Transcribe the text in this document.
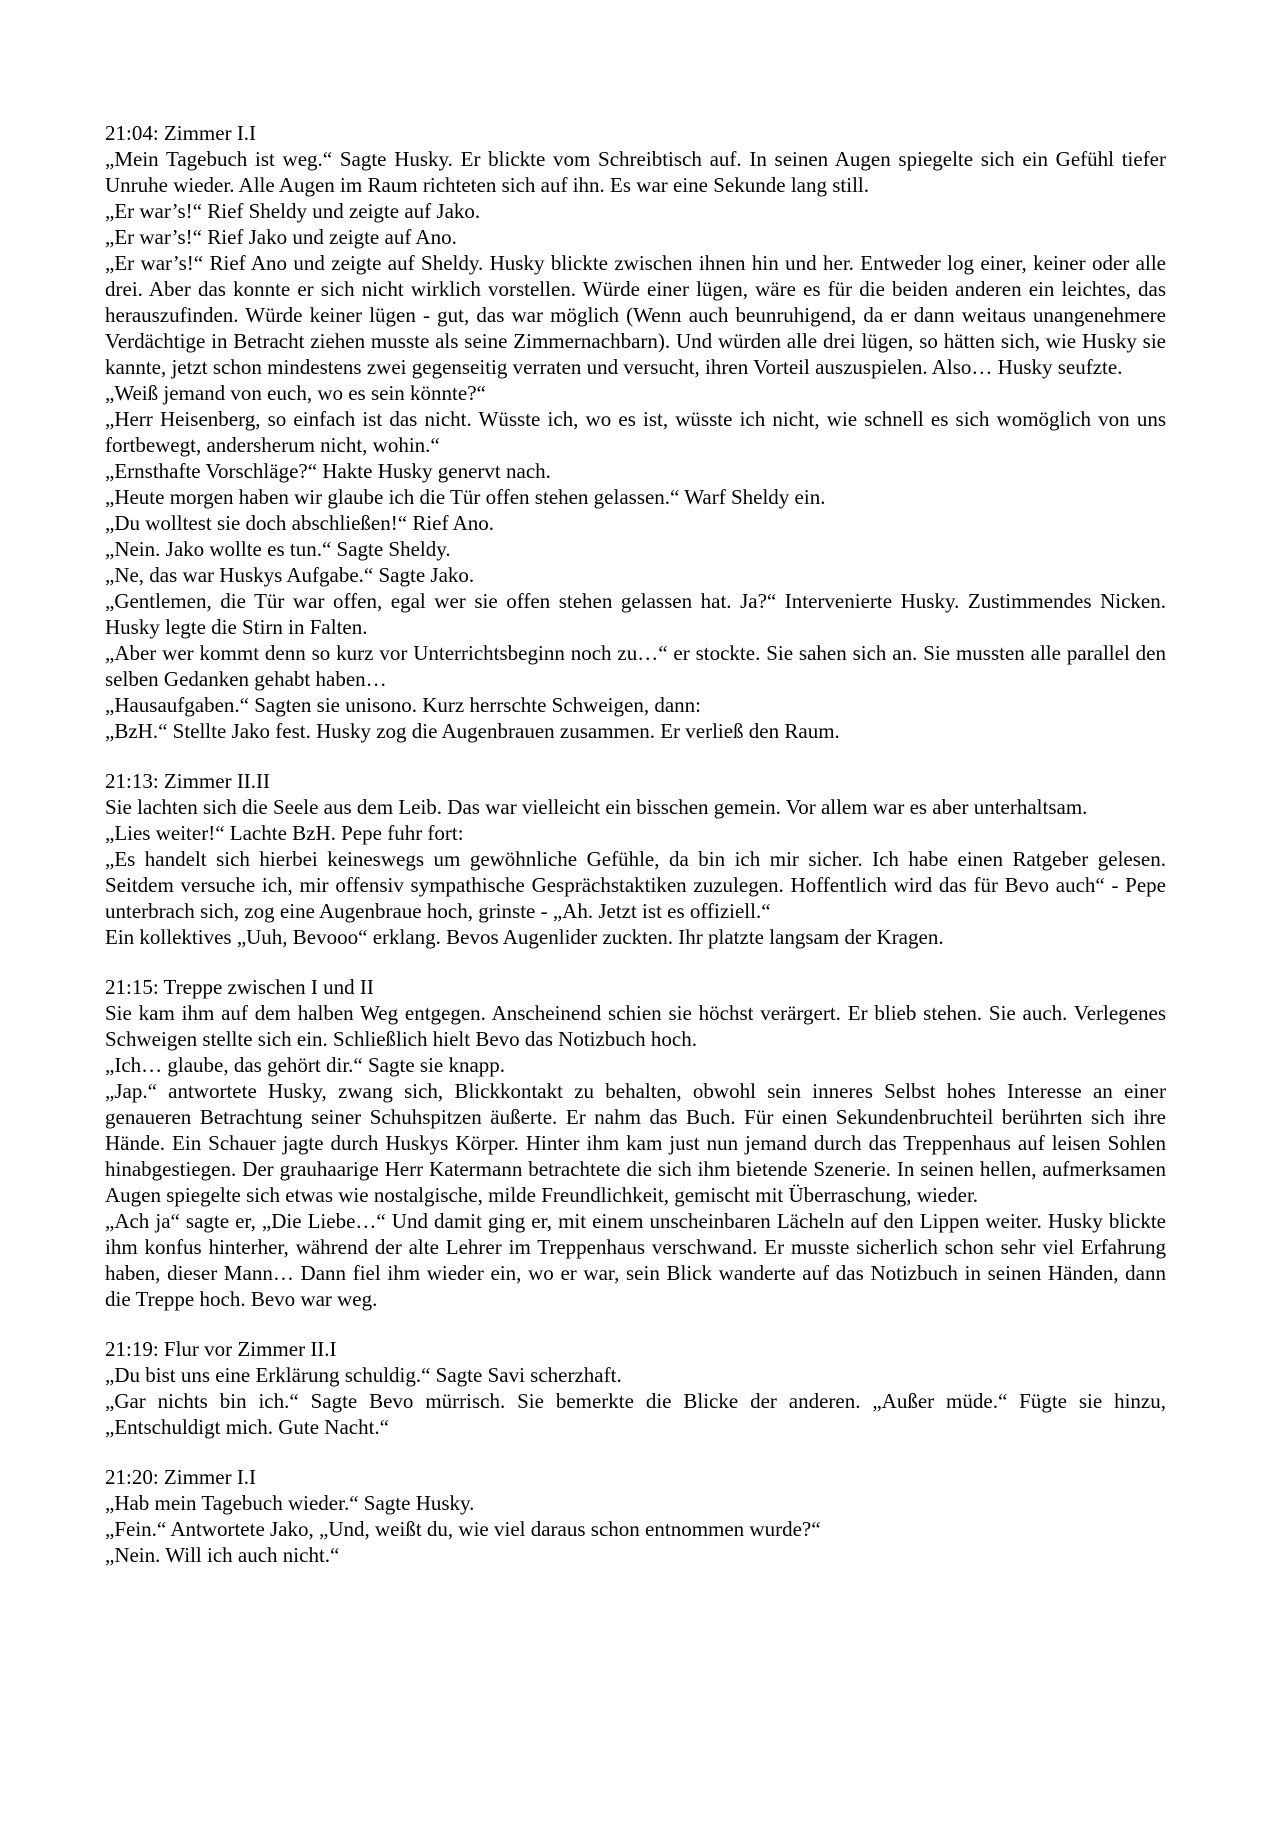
21:04: Zimmer I.I

„Mein Tagebuch ist weg.“ Sagte Husky. Er blickte vom Schreibtisch auf. In seinen Augen spiegelte sich ein Gefühl tiefer Unruhe wieder. Alle Augen im Raum richteten sich auf ihn. Es war eine Sekunde lang still.

„Er war’s!“ Rief Sheldy und zeigte auf Jako.

„Er war’s!“ Rief Jako und zeigte auf Ano.

„Er war’s!“ Rief Ano und zeigte auf Sheldy. Husky blickte zwischen ihnen hin und her. Entweder log einer, keiner oder alle drei. Aber das konnte er sich nicht wirklich vorstellen. Würde einer lügen, wäre es für die beiden anderen ein leichtes, das herauszufinden. Würde keiner lügen - gut, das war möglich (Wenn auch beunruhigend, da er dann weitaus unangenehmere Verdächtige in Betracht ziehen musste als seine Zimmernachbarn). Und würden alle drei lügen, so hätten sich, wie Husky sie kannte, jetzt schon mindestens zwei gegenseitig verraten und versucht, ihren Vorteil auszuspielen. Also… Husky seufzte.

„Weiß jemand von euch, wo es sein könnte?“

„Herr Heisenberg, so einfach ist das nicht. Wüsste ich, wo es ist, wüsste ich nicht, wie schnell es sich womöglich von uns fortbewegt, andersherum nicht, wohin.“

„Ernsthafte Vorschläge?“ Hakte Husky genervt nach.

„Heute morgen haben wir glaube ich die Tür offen stehen gelassen.“ Warf Sheldy ein.

„Du wolltest sie doch abschließen!“ Rief Ano.

„Nein. Jako wollte es tun.“ Sagte Sheldy.

„Ne, das war Huskys Aufgabe.“ Sagte Jako.

„Gentlemen, die Tür war offen, egal wer sie offen stehen gelassen hat. Ja?“ Intervenierte Husky. Zustimmendes Nicken. Husky legte die Stirn in Falten.

„Aber wer kommt denn so kurz vor Unterrichtsbeginn noch zu…“ er stockte. Sie sahen sich an. Sie mussten alle parallel den selben Gedanken gehabt haben…

„Hausaufgaben.“ Sagten sie unisono. Kurz herrschte Schweigen, dann:

„BzH.“ Stellte Jako fest. Husky zog die Augenbrauen zusammen. Er verließ den Raum.

21:13: Zimmer II.II

Sie lachten sich die Seele aus dem Leib. Das war vielleicht ein bisschen gemein. Vor allem war es aber unterhaltsam.

„Lies weiter!“ Lachte BzH. Pepe fuhr fort:

„Es handelt sich hierbei keineswegs um gewöhnliche Gefühle, da bin ich mir sicher. Ich habe einen Ratgeber gelesen. Seitdem versuche ich, mir offensiv sympathische Gesprächstaktiken zuzulegen. Hoffentlich wird das für Bevo auch“ - Pepe unterbrach sich, zog eine Augenbraue hoch, grinste - „Ah. Jetzt ist es offiziell.“

Ein kollektives „Uuh, Bevooo“ erklang. Bevos Augenlider zuckten. Ihr platzte langsam der Kragen.

21:15: Treppe zwischen I und II

Sie kam ihm auf dem halben Weg entgegen. Anscheinend schien sie höchst verärgert. Er blieb stehen. Sie auch. Verlegenes Schweigen stellte sich ein. Schließlich hielt Bevo das Notizbuch hoch.

„Ich… glaube, das gehört dir.“ Sagte sie knapp.

„Jap.“ antwortete Husky, zwang sich, Blickkontakt zu behalten, obwohl sein inneres Selbst hohes Interesse an einer genaueren Betrachtung seiner Schuhspitzen äußerte. Er nahm das Buch. Für einen Sekundenbruchteil berührten sich ihre Hände. Ein Schauer jagte durch Huskys Körper. Hinter ihm kam just nun jemand durch das Treppenhaus auf leisen Sohlen hinabgestiegen. Der grauhaarige Herr Katermann betrachtete die sich ihm bietende Szenerie. In seinen hellen, aufmerksamen Augen spiegelte sich etwas wie nostalgische, milde Freundlichkeit, gemischt mit Überraschung, wieder.

„Ach ja“ sagte er, „Die Liebe…“ Und damit ging er, mit einem unscheinbaren Lächeln auf den Lippen weiter. Husky blickte ihm konfus hinterher, während der alte Lehrer im Treppenhaus verschwand. Er musste sicherlich schon sehr viel Erfahrung haben, dieser Mann… Dann fiel ihm wieder ein, wo er war, sein Blick wanderte auf das Notizbuch in seinen Händen, dann die Treppe hoch. Bevo war weg.

21:19: Flur vor Zimmer II.I

„Du bist uns eine Erklärung schuldig.“ Sagte Savi scherzhaft.

„Gar nichts bin ich.“ Sagte Bevo mürrisch. Sie bemerkte die Blicke der anderen. „Außer müde.“ Fügte sie hinzu, „Entschuldigt mich. Gute Nacht.“

21:20: Zimmer I.I

„Hab mein Tagebuch wieder.“ Sagte Husky.

„Fein.“ Antwortete Jako, „Und, weißt du, wie viel daraus schon entnommen wurde?“

„Nein. Will ich auch nicht.“
